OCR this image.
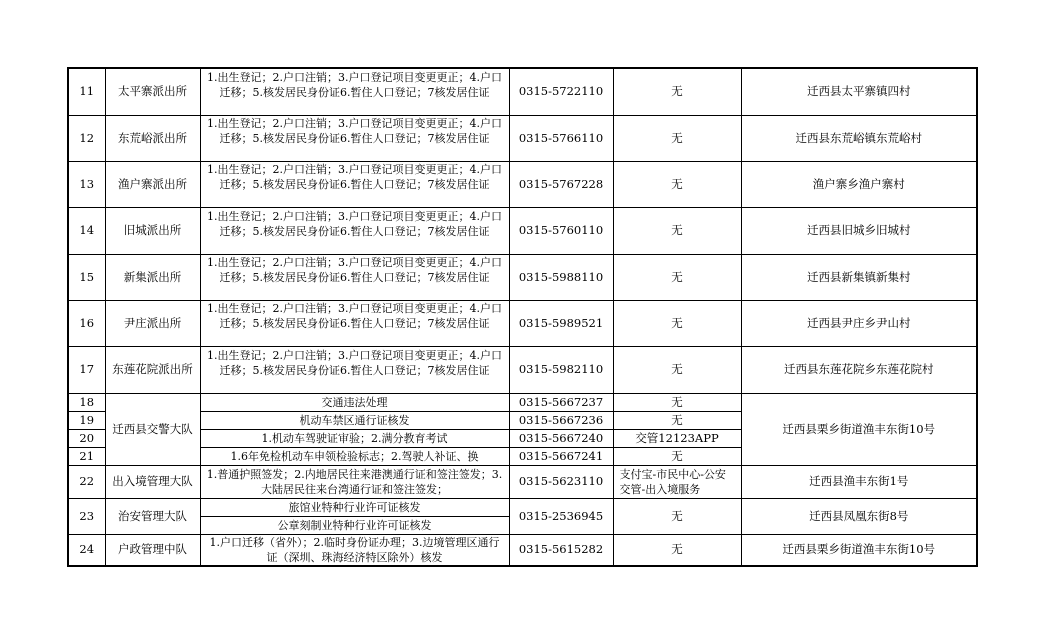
11	太平寨派出所	1.出生登记；2.户口注销；3.户口登记项目变更更正；4.户口迁移；5.核发居民身份证6.暂住人口登记；7核发居住证	0315-5722110	无	迁西县太平寨镇四村
12	东荒峪派出所	1.出生登记；2.户口注销；3.户口登记项目变更更正；4.户口迁移；5.核发居民身份证6.暂住人口登记；7核发居住证	0315-5766110	无	迁西县东荒峪镇东荒峪村
13	渔户寨派出所	1.出生登记；2.户口注销；3.户口登记项目变更更正；4.户口迁移；5.核发居民身份证6.暂住人口登记；7核发居住证	0315-5767228	无	渔户寨乡渔户寨村
14	旧城派出所	1.出生登记；2.户口注销；3.户口登记项目变更更正；4.户口迁移；5.核发居民身份证6.暂住人口登记；7核发居住证	0315-5760110	无	迁西县旧城乡旧城村
15	新集派出所	1.出生登记；2.户口注销；3.户口登记项目变更更正；4.户口迁移；5.核发居民身份证6.暂住人口登记；7核发居住证	0315-5988110	无	迁西县新集镇新集村
16	尹庄派出所	1.出生登记；2.户口注销；3.户口登记项目变更更正；4.户口迁移；5.核发居民身份证6.暂住人口登记；7核发居住证	0315-5989521	无	迁西县尹庄乡尹山村
17	东莲花院派出所	1.出生登记；2.户口注销；3.户口登记项目变更更正；4.户口迁移；5.核发居民身份证6.暂住人口登记；7核发居住证	0315-5982110	无	迁西县东莲花院乡东莲花院村
18	迁西县交警大队	交通违法处理	0315-5667237	无	迁西县栗乡街道渔丰东街10号
19		机动车禁区通行证核发	0315-5667236	无	
20		1.机动车驾驶证审验；2.满分教育考试	0315-5667240	交管12123APP	
21		1.6年免检机动车申领检验标志；2.驾驶人补证、换	0315-5667241	无	
22	出入境管理大队	1.普通护照签发；2.内地居民往来港澳通行证和签注签发；3.大陆居民往来台湾通行证和签注签发；	0315-5623110	支付宝-市民中心-公安交管-出入境服务	迁西县渔丰东街1号
23	治安管理大队	旅馆业特种行业许可证核发	0315-2536945	无	迁西县凤凰东街8号
		公章刻制业特种行业许可证核发			
24	户政管理中队	1.户口迁移（省外）；2.临时身份证办理；3.边境管理区通行证（深圳、珠海经济特区除外）核发	0315-5615282	无	迁西县栗乡街道渔丰东街10号
